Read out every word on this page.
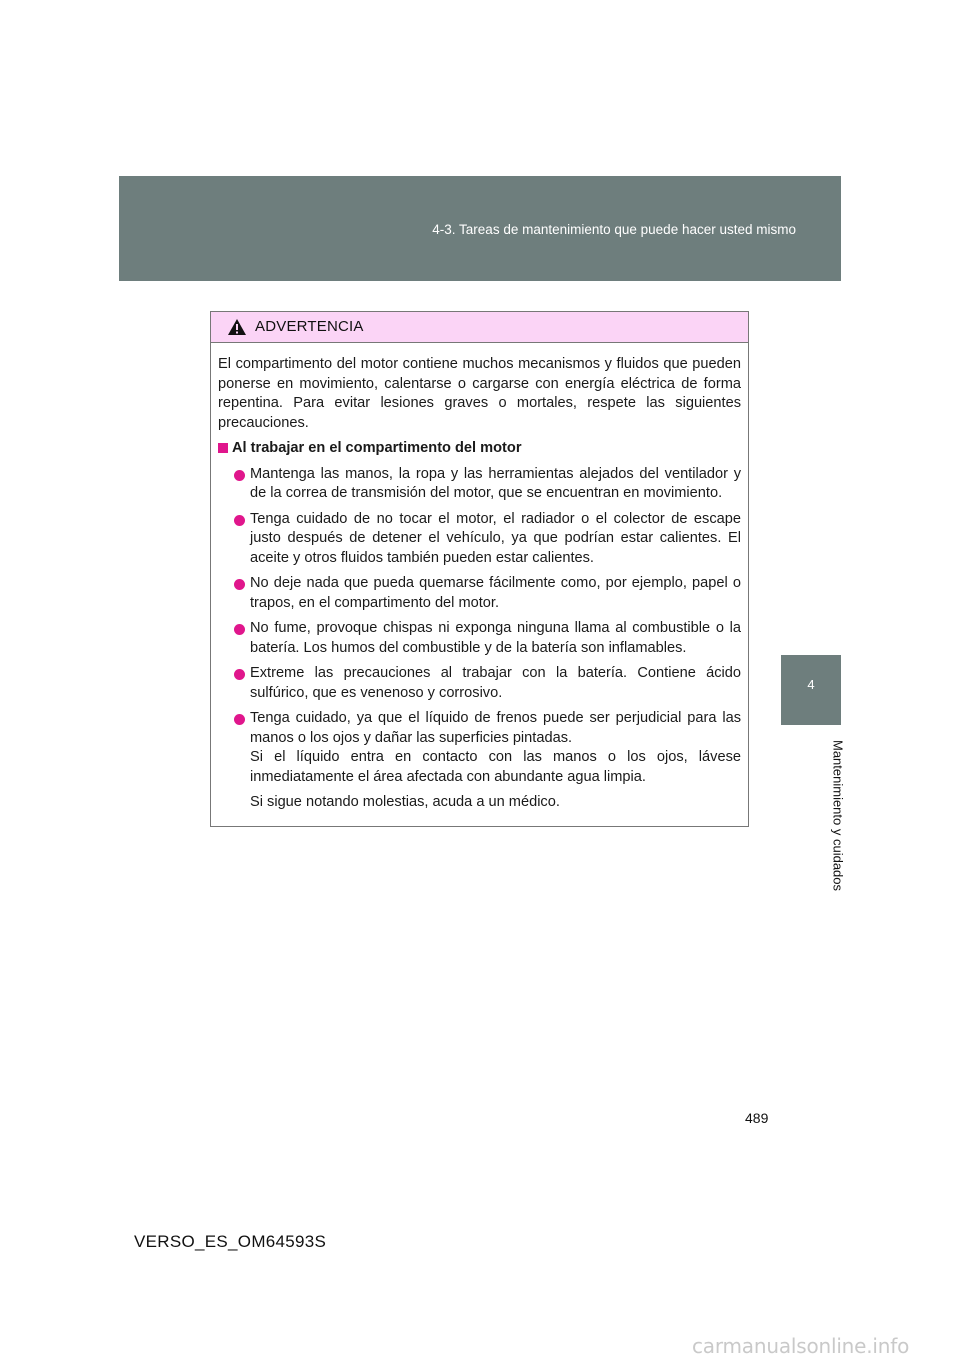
4-3. Tareas de mantenimiento que puede hacer usted mismo
4
Mantenimiento y cuidados
ADVERTENCIA

El compartimento del motor contiene muchos mecanismos y fluidos que pueden ponerse en movimiento, calentarse o cargarse con energía eléctrica de forma repentina. Para evitar lesiones graves o mortales, respete las siguientes precauciones.

Al trabajar en el compartimento del motor

Mantenga las manos, la ropa y las herramientas alejados del ventilador y de la correa de transmisión del motor, que se encuentran en movimiento.

Tenga cuidado de no tocar el motor, el radiador o el colector de escape justo después de detener el vehículo, ya que podrían estar calientes. El aceite y otros fluidos también pueden estar calientes.

No deje nada que pueda quemarse fácilmente como, por ejemplo, papel o trapos, en el compartimento del motor.

No fume, provoque chispas ni exponga ninguna llama al combustible o la batería. Los humos del combustible y de la batería son inflamables.

Extreme las precauciones al trabajar con la batería. Contiene ácido sulfúrico, que es venenoso y corrosivo.

Tenga cuidado, ya que el líquido de frenos puede ser perjudicial para las manos o los ojos y dañar las superficies pintadas.

Si el líquido entra en contacto con las manos o los ojos, lávese inmediatamente el área afectada con abundante agua limpia.

Si sigue notando molestias, acuda a un médico.

489
VERSO_ES_OM64593S
carmanualsonline.info
